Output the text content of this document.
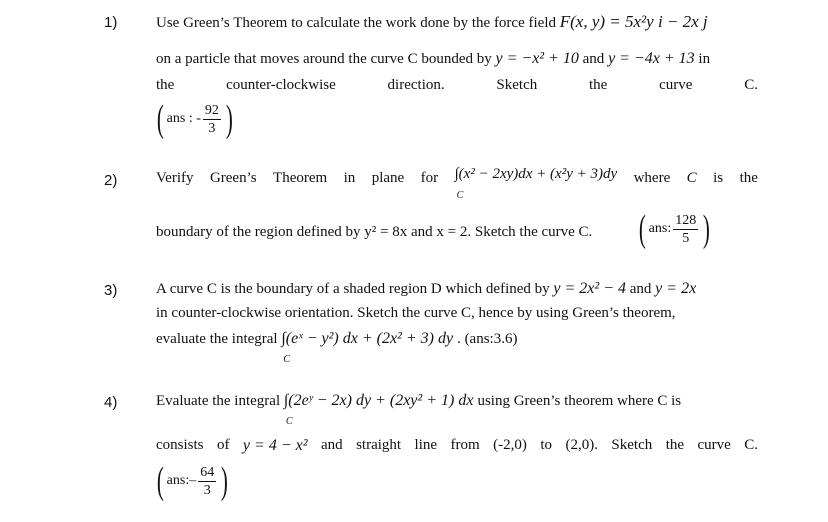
1)	Use Green’s Theorem to calculate the work done by the force field F(x, y) = 5x²y i − 2x j
on a particle that moves around the curve C bounded by y = −x² + 10 and y = −4x + 13 in
the	counter-clockwise	direction.	Sketch	the	curve	C.
( ans : - $\frac{92}{3}$ )
2)	Verify Green’s Theorem in plane for ∫(x² − 2xy)dx + (x²y + 3)dy
C
where C is the
boundary of the region defined by y² = 8x and x = 2. Sketch the curve C. ( ans: $\frac{128}{5}$ )
3)	A curve C is the boundary of a shaded region D which defined by y = 2x² − 4 and y = 2x
in counter-clockwise orientation. Sketch the curve C, hence by using Green’s theorem,
evaluate the integral ∫(eˣ − y²) dx + (2x² + 3) dy
C
. (ans:3.6)
4)	Evaluate the integral ∫(2eʸ − 2x) dy + (2xy² + 1) dx
C
using Green’s theorem where C is
consists of y = 4 − x² and straight line from (-2,0) to (2,0). Sketch the curve C.
( ans:– $\frac{64}{3}$ )
